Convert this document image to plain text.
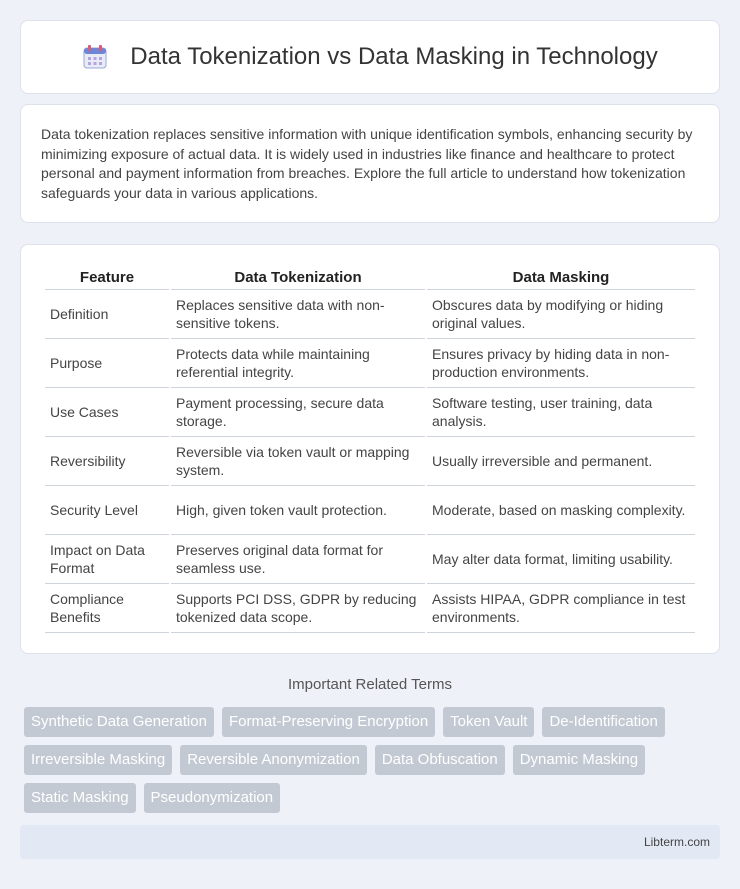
Data Tokenization vs Data Masking in Technology

Data tokenization replaces sensitive information with unique identification symbols, enhancing security by minimizing exposure of actual data. It is widely used in industries like finance and healthcare to protect personal and payment information from breaches. Explore the full article to understand how tokenization safeguards your data in various applications.

Feature	Data Tokenization	Data Masking
Definition	Replaces sensitive data with non-sensitive tokens.	Obscures data by modifying or hiding original values.
Purpose	Protects data while maintaining referential integrity.	Ensures privacy by hiding data in non-production environments.
Use Cases	Payment processing, secure data storage.	Software testing, user training, data analysis.
Reversibility	Reversible via token vault or mapping system.	Usually irreversible and permanent.
Security Level	High, given token vault protection.	Moderate, based on masking complexity.
Impact on Data Format	Preserves original data format for seamless use.	May alter data format, limiting usability.
Compliance Benefits	Supports PCI DSS, GDPR by reducing tokenized data scope.	Assists HIPAA, GDPR compliance in test environments.
Important Related Terms
Synthetic Data Generation	Format-Preserving Encryption	Token Vault	De-Identification
Irreversible Masking	Reversible Anonymization	Data Obfuscation	Dynamic Masking
Static Masking	Pseudonymization
Libterm.com
